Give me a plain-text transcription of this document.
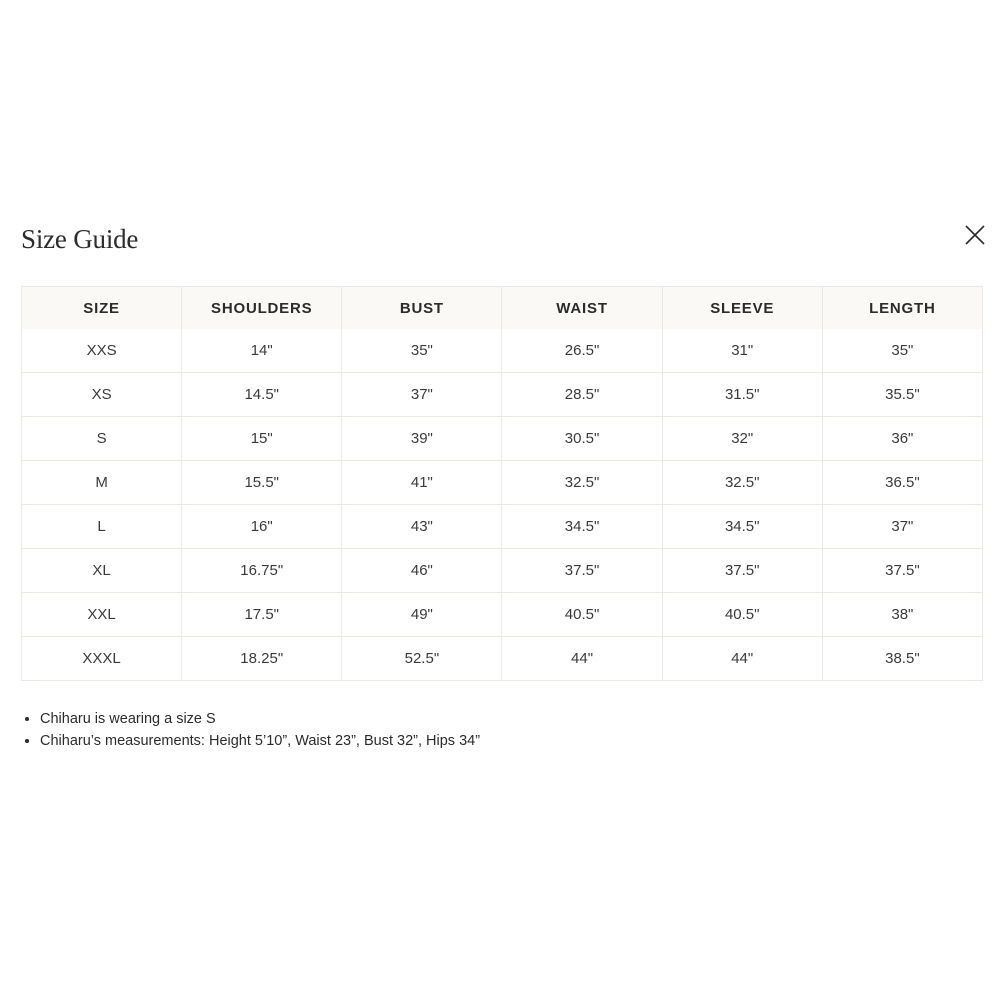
Size Guide
SIZE	SHOULDERS	BUST	WAIST	SLEEVE	LENGTH
XXS	14"	35"	26.5"	31"	35"
XS	14.5"	37"	28.5"	31.5"	35.5"
S	15"	39"	30.5"	32"	36"
M	15.5"	41"	32.5"	32.5"	36.5"
L	16"	43"	34.5"	34.5"	37"
XL	16.75"	46"	37.5"	37.5"	37.5"
XXL	17.5"	49"	40.5"	40.5"	38"
XXXL	18.25"	52.5"	44"	44"	38.5"
• Chiharu is wearing a size S
• Chiharu’s measurements: Height 5’10”, Waist 23”, Bust 32”, Hips 34”
